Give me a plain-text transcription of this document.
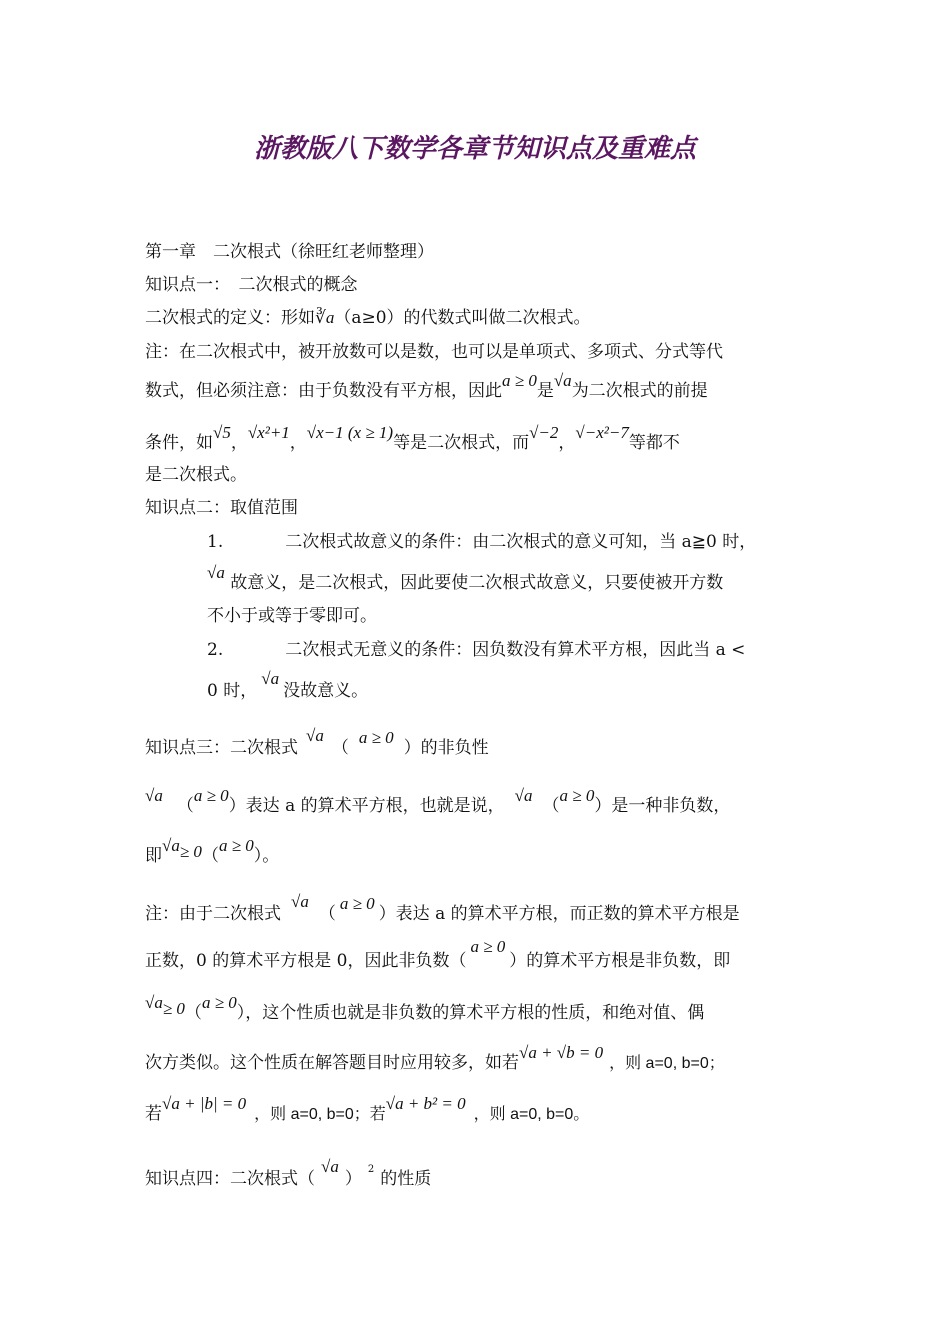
浙教版八下数学各章节知识点及重难点
第一章　二次根式（徐旺红老师整理）
知识点一：　二次根式的概念
二次根式的定义：形如∛a（a≥0）的代数式叫做二次根式。
注：在二次根式中，被开放数可以是数，也可以是单项式、多项式、分式等代
数式，但必须注意：由于负数没有平方根，因此a ≥ 0是√a为二次根式的前提
条件，如√5，√x²+1，√x−1 (x ≥ 1)等是二次根式，而√−2，√−x²−7等都不
是二次根式。
知识点二：取值范围
1.	二次根式故意义的条件：由二次根式的意义可知，当 a≧0 时，
√a 故意义，是二次根式，因此要使二次根式故意义，只要使被开方数
不小于或等于零即可。
2.	二次根式无意义的条件：因负数没有算术平方根，因此当 a <
0 时，√a没故意义。
知识点三：二次根式√a（a ≥ 0）的非负性
√a（a ≥ 0）表达 a 的算术平方根，也就是说，√a（a ≥ 0）是一种非负数，
即√a≥ 0（a ≥ 0）。
注：由于二次根式√a（a ≥ 0）表达 a 的算术平方根，而正数的算术平方根是
正数，0 的算术平方根是 0，因此非负数（a ≥ 0）的算术平方根是非负数，即
√a≥ 0（a ≥ 0），这个性质也就是非负数的算术平方根的性质，和绝对值、偶
次方类似。这个性质在解答题目时应用较多，如若√a + √b = 0，则 a=0, b=0；
若√a + |b| = 0，则 a=0, b=0；若√a + b² = 0，则 a=0, b=0。
知识点四：二次根式（√a） $^2$ 的性质
